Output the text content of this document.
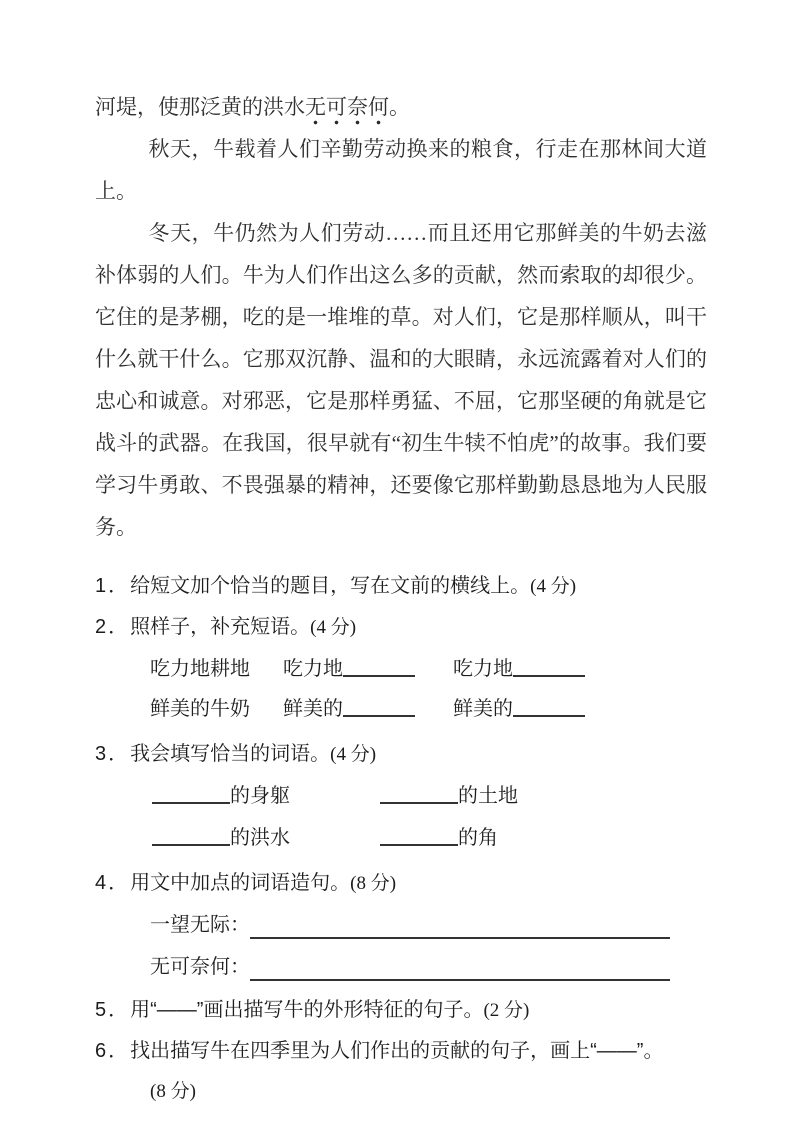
河堤，使那泛黄的洪水无可奈何。

秋天，牛载着人们辛勤劳动换来的粮食，行走在那林间大道上。

冬天，牛仍然为人们劳动……而且还用它那鲜美的牛奶去滋补体弱的人们。牛为人们作出这么多的贡献，然而索取的却很少。它住的是茅棚，吃的是一堆堆的草。对人们，它是那样顺从，叫干什么就干什么。它那双沉静、温和的大眼睛，永远流露着对人们的忠心和诚意。对邪恶，它是那样勇猛、不屈，它那坚硬的角就是它战斗的武器。在我国，很早就有“初生牛犊不怕虎”的故事。我们要学习牛勇敢、不畏强暴的精神，还要像它那样勤勤恳恳地为人民服务。

1．给短文加个恰当的题目，写在文前的横线上。(4 分)
2．照样子，补充短语。(4 分)
吃力地耕地	吃力地	吃力地
鲜美的牛奶	鲜美的	鲜美的
3．我会填写恰当的词语。(4 分)
的身躯	的土地
的洪水	的角
4．用文中加点的词语造句。(8 分)
一望无际：
无可奈何：
5．用“——”画出描写牛的外形特征的句子。(2 分)
6．找出描写牛在四季里为人们作出的贡献的句子，画上“——”。
(8 分)
